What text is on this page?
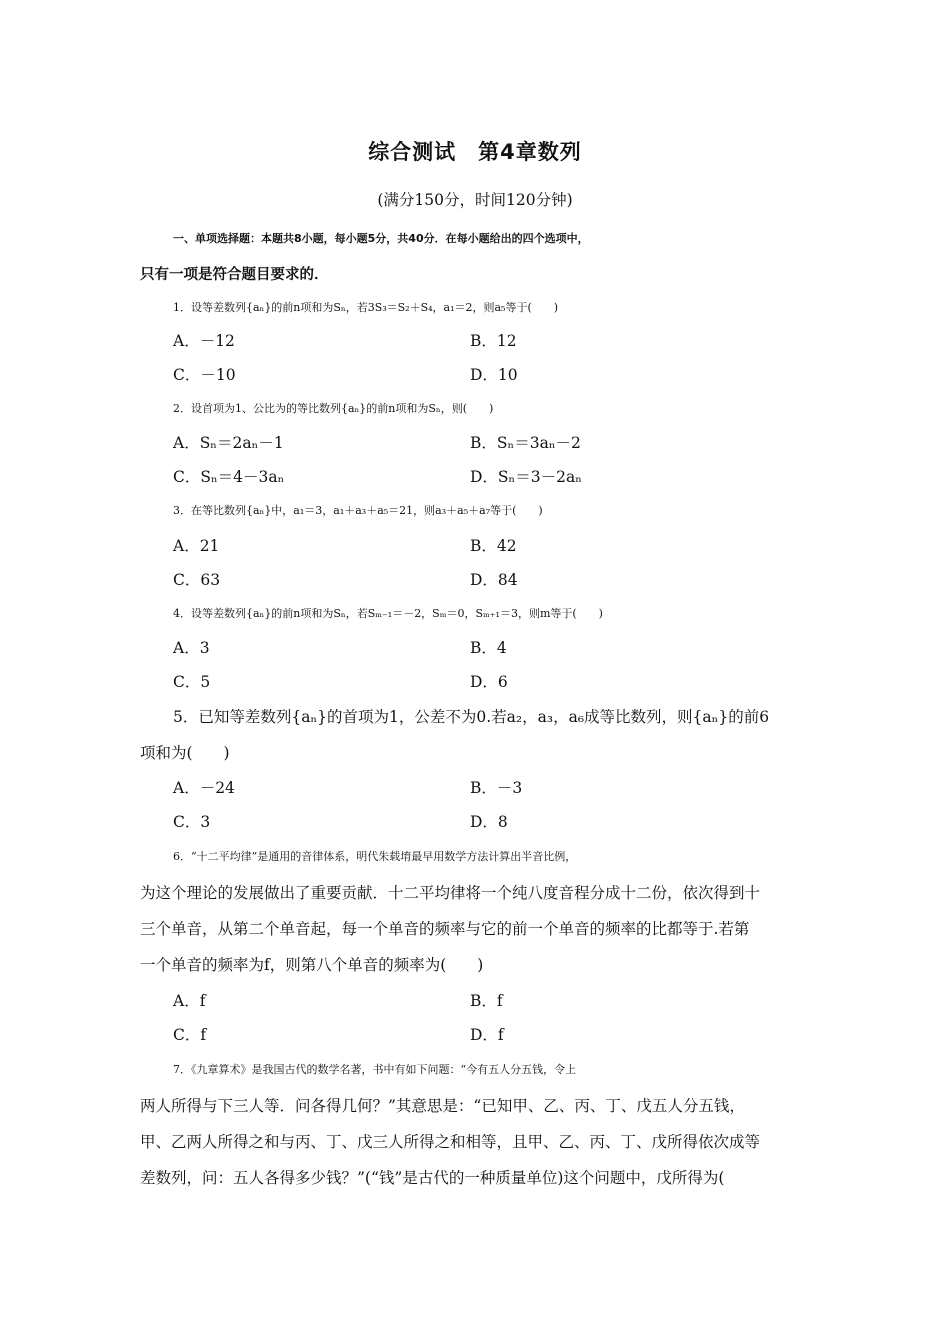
综合测试　第4章数列
(满分150分，时间120分钟)
一、单项选择题：本题共8小题，每小题5分，共40分．在每小题给出的四个选项中，
只有一项是符合题目要求的．
1．设等差数列{aₙ}的前n项和为Sₙ，若3S₃＝S₂＋S₄，a₁＝2，则a₅等于(　　)
A．－12	B．12
C．－10	D．10
2．设首项为1、公比为的等比数列{aₙ}的前n项和为Sₙ，则(　　)
A．Sₙ＝2aₙ－1	B．Sₙ＝3aₙ－2
C．Sₙ＝4－3aₙ	D．Sₙ＝3－2aₙ
3．在等比数列{aₙ}中，a₁＝3，a₁＋a₃＋a₅＝21，则a₃＋a₅＋a₇等于(　　)
A．21	B．42
C．63	D．84
4．设等差数列{aₙ}的前n项和为Sₙ，若Sₘ₋₁＝－2，Sₘ＝0，Sₘ₊₁＝3，则m等于(　　)
A．3	B．4
C．5	D．6
5．已知等差数列{aₙ}的首项为1，公差不为0.若a₂，a₃，a₆成等比数列，则{aₙ}的前6
项和为(　　)
A．－24	B．－3
C．3	D．8
6．“十二平均律”是通用的音律体系，明代朱载堉最早用数学方法计算出半音比例，
为这个理论的发展做出了重要贡献．十二平均律将一个纯八度音程分成十二份，依次得到十
三个单音，从第二个单音起，每一个单音的频率与它的前一个单音的频率的比都等于.若第
一个单音的频率为f，则第八个单音的频率为(　　)
A．f	B．f
C．f	D．f
7．《九章算术》是我国古代的数学名著，书中有如下问题：“今有五人分五钱，令上
两人所得与下三人等．问各得几何？”其意思是：“已知甲、乙、丙、丁、戊五人分五钱，
甲、乙两人所得之和与丙、丁、戊三人所得之和相等，且甲、乙、丙、丁、戊所得依次成等
差数列，问：五人各得多少钱？”(“钱”是古代的一种质量单位)这个问题中，戊所得为(
